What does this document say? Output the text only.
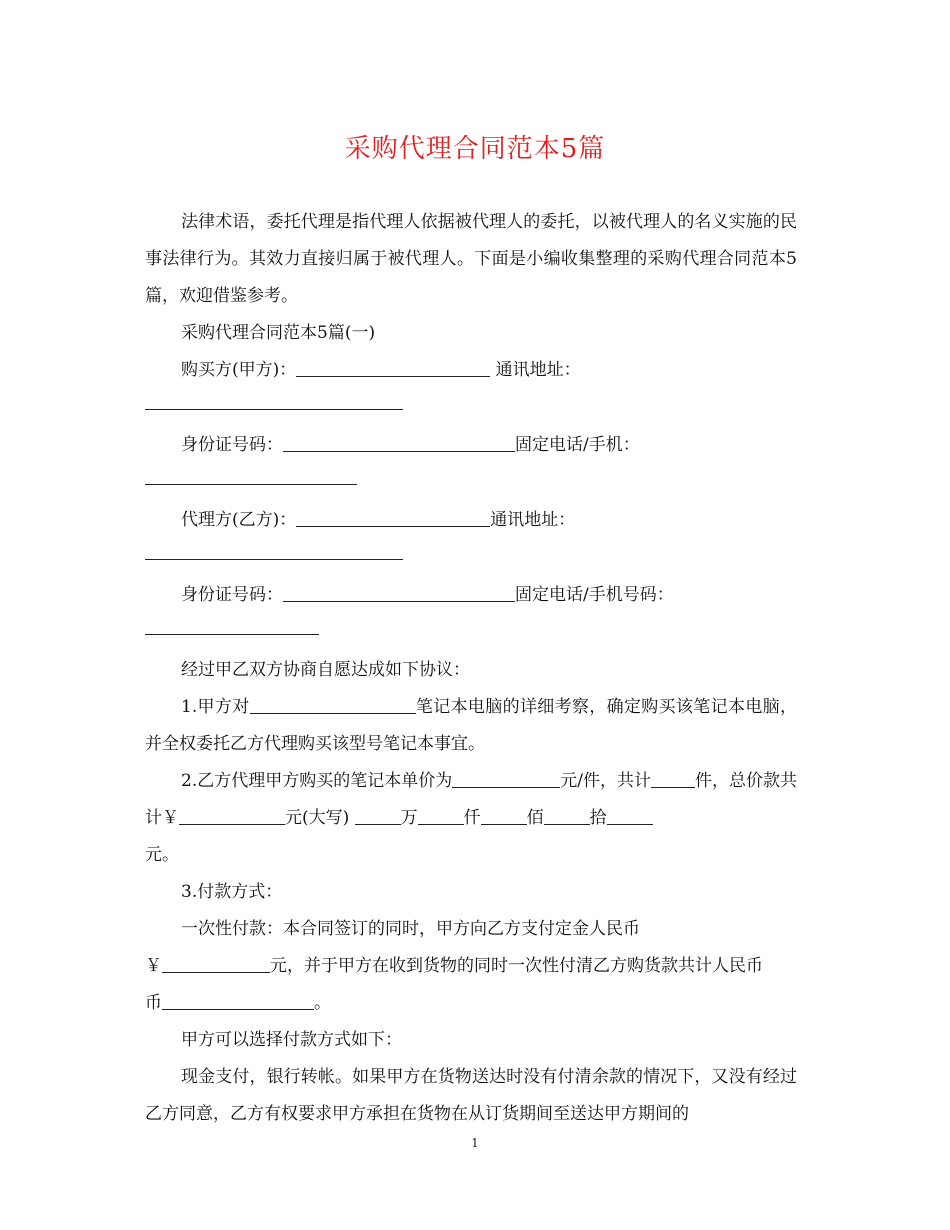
采购代理合同范本5篇

法律术语，委托代理是指代理人依据被代理人的委托，以被代理人的名义实施的民事法律行为。其效力直接归属于被代理人。下面是小编收集整理的采购代理合同范本5篇，欢迎借鉴参考。

采购代理合同范本5篇(一)

购买方(甲方)：	通讯地址：

身份证号码：	固定电话/手机：

代理方(乙方)：	通讯地址：

身份证号码：	固定电话/手机号码：

经过甲乙双方协商自愿达成如下协议：

1.甲方对	笔记本电脑的详细考察，确定购买该笔记本电脑，并全权委托乙方代理购买该型号笔记本事宜。

2.乙方代理甲方购买的笔记本单价为	元/件，共计	件，总价款共计￥	元(大写)	万	仟	佰	拾
元。

3.付款方式：

一次性付款：本合同签订的同时，甲方向乙方支付定金人民币
￥	元，并于甲方在收到货物的同时一次性付清乙方购货款共计人民币
币	。

甲方可以选择付款方式如下：

现金支付，银行转帐。如果甲方在货物送达时没有付清余款的情况下，又没有经过乙方同意，乙方有权要求甲方承担在货物在从订货期间至送达甲方期间的

1
